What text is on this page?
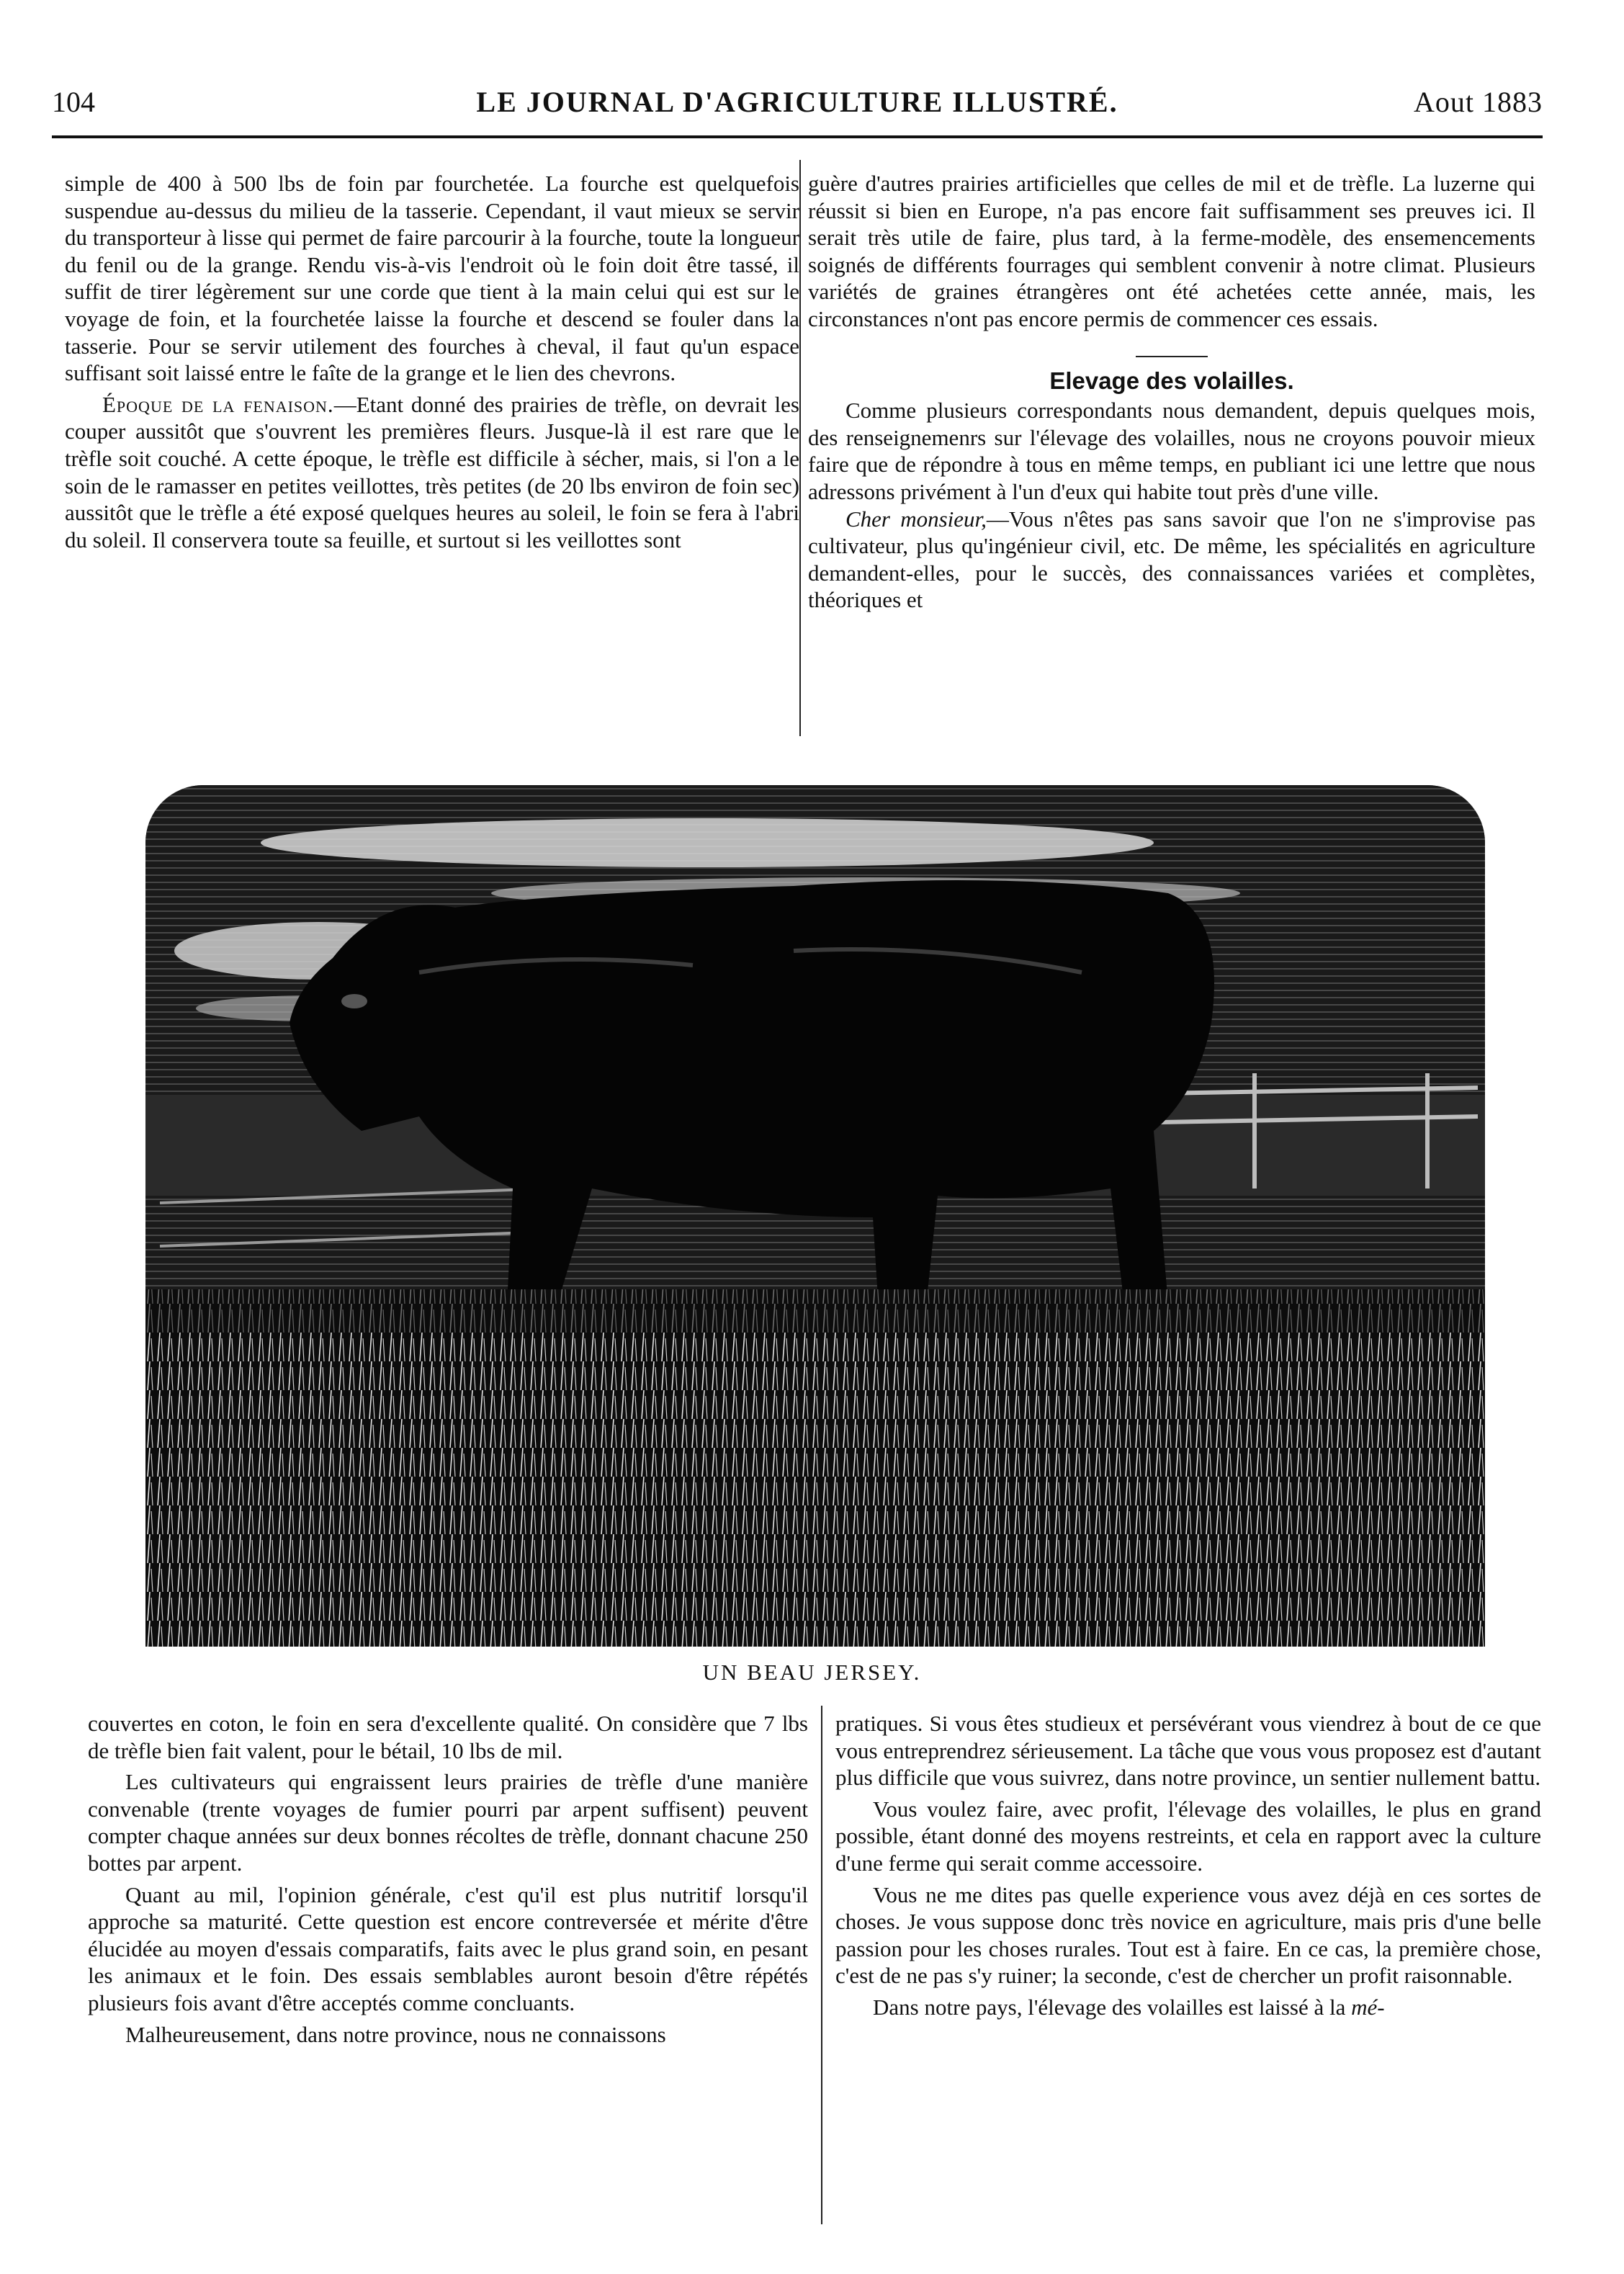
104	LE JOURNAL D'AGRICULTURE ILLUSTRÉ.	Aout 1883

simple de 400 à 500 lbs de foin par fourchetée. La fourche est quelquefois suspendue au-dessus du milieu de la tasserie. Cependant, il vaut mieux se servir du transporteur à lisse qui permet de faire parcourir à la fourche, toute la longueur du fenil ou de la grange. Rendu vis-à-vis l'endroit où le foin doit être tassé, il suffit de tirer légèrement sur une corde que tient à la main celui qui est sur le voyage de foin, et la fourchetée laisse la fourche et descend se fouler dans la tasserie. Pour se servir utilement des fourches à cheval, il faut qu'un espace suffisant soit laissé entre le faîte de la grange et le lien des chevrons.

Époque de la fenaison.—Etant donné des prairies de trèfle, on devrait les couper aussitôt que s'ouvrent les premières fleurs. Jusque-là il est rare que le trèfle soit couché. A cette époque, le trèfle est difficile à sécher, mais, si l'on a le soin de le ramasser en petites veillottes, très petites (de 20 lbs environ de foin sec) aussitôt que le trèfle a été exposé quelques heures au soleil, le foin se fera à l'abri du soleil. Il conservera toute sa feuille, et surtout si les veillottes sont

guère d'autres prairies artificielles que celles de mil et de trèfle. La luzerne qui réussit si bien en Europe, n'a pas encore fait suffisamment ses preuves ici. Il serait très utile de faire, plus tard, à la ferme-modèle, des ensemencements soignés de différents fourrages qui semblent convenir à notre climat. Plusieurs variétés de graines étrangères ont été achetées cette année, mais, les circonstances n'ont pas encore permis de commencer ces essais.

Elevage des volailles.

Comme plusieurs correspondants nous demandent, depuis quelques mois, des renseignemenrs sur l'élevage des volailles, nous ne croyons pouvoir mieux faire que de répondre à tous en même temps, en publiant ici une lettre que nous adressons privément à l'un d'eux qui habite tout près d'une ville.

Cher monsieur,—Vous n'êtes pas sans savoir que l'on ne s'improvise pas cultivateur, plus qu'ingénieur civil, etc. De même, les spécialités en agriculture demandent-elles, pour le succès, des connaissances variées et complètes, théoriques et

UN BEAU JERSEY.

couvertes en coton, le foin en sera d'excellente qualité. On considère que 7 lbs de trèfle bien fait valent, pour le bétail, 10 lbs de mil.

Les cultivateurs qui engraissent leurs prairies de trèfle d'une manière convenable (trente voyages de fumier pourri par arpent suffisent) peuvent compter chaque années sur deux bonnes récoltes de trèfle, donnant chacune 250 bottes par arpent.

Quant au mil, l'opinion générale, c'est qu'il est plus nutritif lorsqu'il approche sa maturité. Cette question est encore contreversée et mérite d'être élucidée au moyen d'essais comparatifs, faits avec le plus grand soin, en pesant les animaux et le foin. Des essais semblables auront besoin d'être répétés plusieurs fois avant d'être acceptés comme concluants.

Malheureusement, dans notre province, nous ne connaissons

pratiques. Si vous êtes studieux et persévérant vous viendrez à bout de ce que vous entreprendrez sérieusement. La tâche que vous vous proposez est d'autant plus difficile que vous suivrez, dans notre province, un sentier nullement battu.

Vous voulez faire, avec profit, l'élevage des volailles, le plus en grand possible, étant donné des moyens restreints, et cela en rapport avec la culture d'une ferme qui serait comme accessoire.

Vous ne me dites pas quelle experience vous avez déjà en ces sortes de choses. Je vous suppose donc très novice en agriculture, mais pris d'une belle passion pour les choses rurales. Tout est à faire. En ce cas, la première chose, c'est de ne pas s'y ruiner; la seconde, c'est de chercher un profit raisonnable.

Dans notre pays, l'élevage des volailles est laissé à la mé-
